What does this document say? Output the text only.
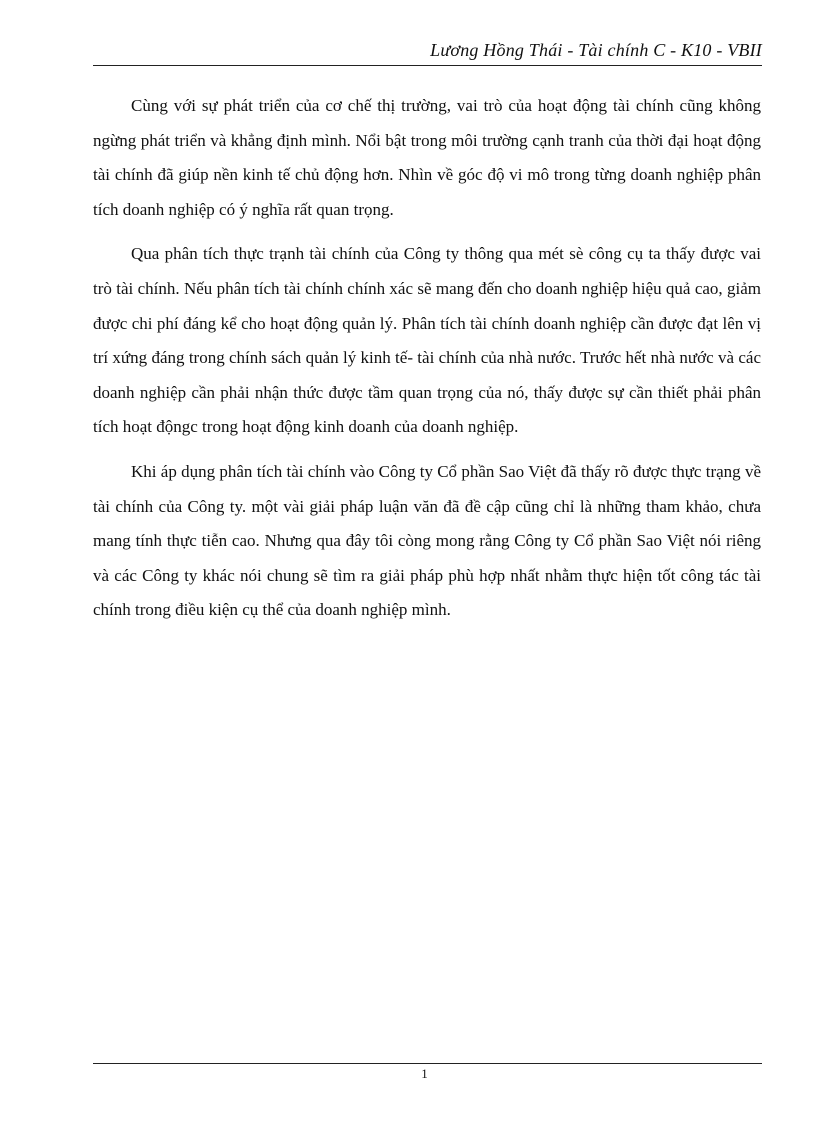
Lương Hồng Thái - Tài chính C - K10 - VBII

Cùng với sự phát triển của cơ chế thị trường, vai trò của hoạt động tài chính cũng không ngừng phát triển và khẳng định mình. Nổi bật trong môi trường cạnh tranh của thời đại hoạt động tài chính đã giúp nền kinh tế chủ động hơn. Nhìn về góc độ vi mô trong từng doanh nghiệp phân tích doanh nghiệp có ý nghĩa rất quan trọng.

Qua phân tích thực trạnh tài chính của Công ty thông qua mét sè công cụ ta thấy được vai trò tài chính. Nếu phân tích tài chính chính xác sẽ mang đến cho doanh nghiệp hiệu quả cao, giảm được chi phí đáng kể cho hoạt động quản lý. Phân tích tài chính doanh nghiệp cần được đạt lên vị trí xứng đáng trong chính sách quản lý kinh tế- tài chính của nhà nước. Trước hết nhà nước và các doanh nghiệp cần phải nhận thức được tầm quan trọng của nó, thấy được sự cần thiết phải phân tích hoạt độngc trong hoạt động kinh doanh của doanh nghiệp.

Khi áp dụng phân tích tài chính vào Công ty Cổ phần Sao Việt đã thấy rõ được thực trạng về tài chính của Công ty. một vài giải pháp luận văn đã đề cập cũng chỉ là những tham khảo, chưa mang tính thực tiễn cao. Nhưng qua đây tôi còng mong rằng Công ty Cổ phần Sao Việt nói riêng và các Công ty khác nói chung sẽ tìm ra giải pháp phù hợp nhất nhằm thực hiện tốt công tác tài chính trong điều kiện cụ thể của doanh nghiệp mình.

1
